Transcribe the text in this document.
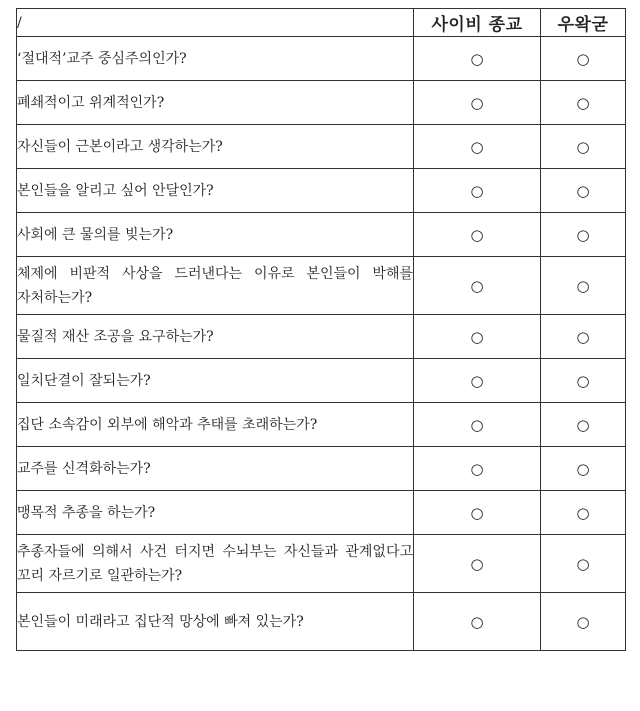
/	사이비 종교	우왁굳
‘절대적’교주 중심주의인가?	○	○
폐쇄적이고 위계적인가?	○	○
자신들이 근본이라고 생각하는가?	○	○
본인들을 알리고 싶어 안달인가?	○	○
사회에 큰 물의를 빚는가?	○	○
체제에 비판적 사상을 드러낸다는 이유로 본인들이 박해를 자처하는가?	○	○
물질적 재산 조공을 요구하는가?	○	○
일치단결이 잘되는가?	○	○
집단 소속감이 외부에 해악과 추태를 초래하는가?	○	○
교주를 신격화하는가?	○	○
맹목적 추종을 하는가?	○	○
추종자들에 의해서 사건 터지면 수뇌부는 자신들과 관계없다고 꼬리 자르기로 일관하는가?	○	○
본인들이 미래라고 집단적 망상에 빠져 있는가?	○	○
